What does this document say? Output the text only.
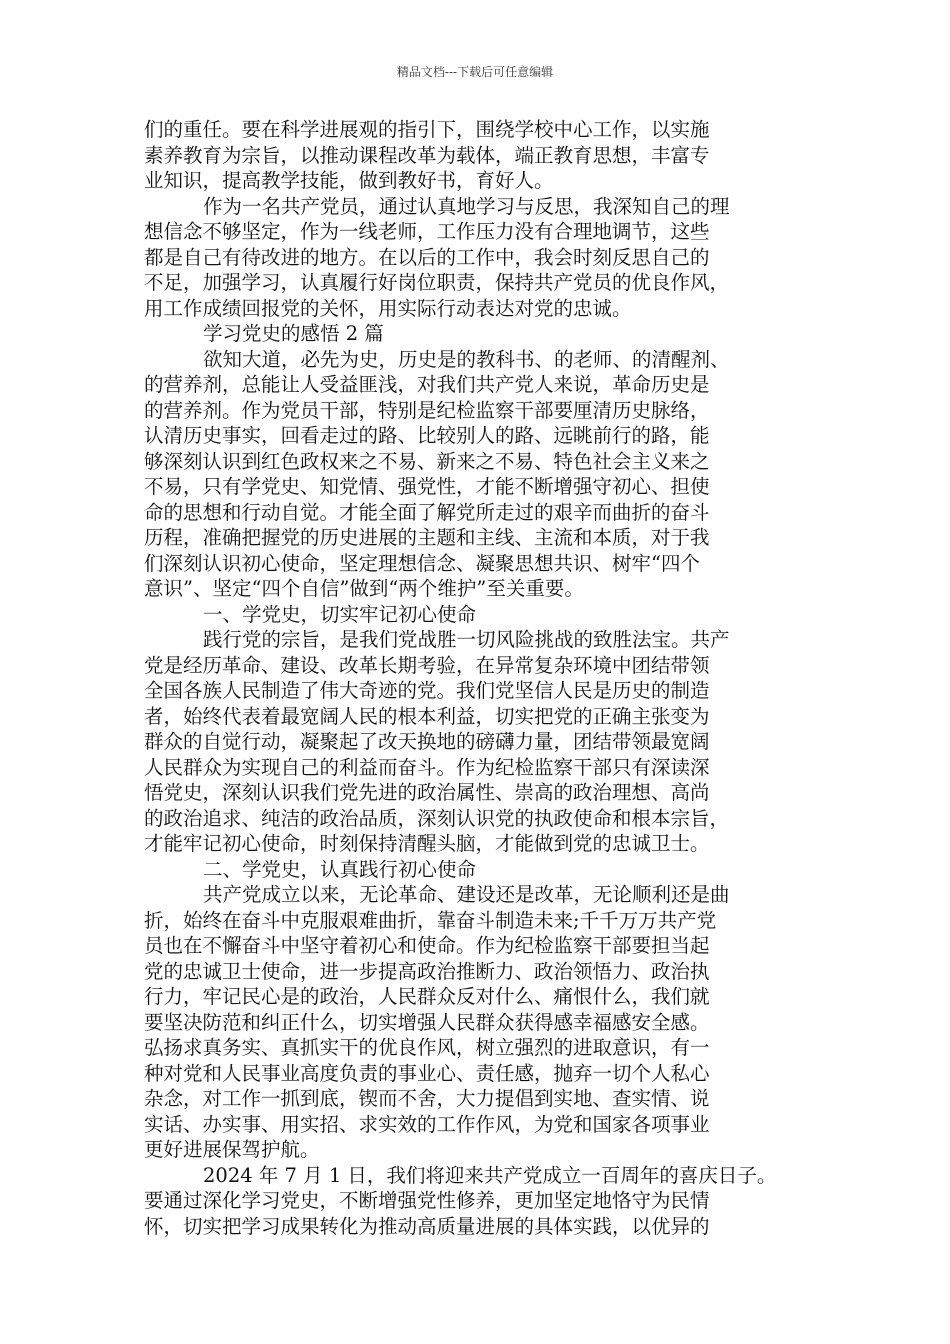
精品文档---下载后可任意编辑
们的重任。要在科学进展观的指引下，围绕学校中心工作，以实施
素养教育为宗旨，以推动课程改革为载体，端正教育思想，丰富专
业知识，提高教学技能，做到教好书，育好人。
作为一名共产党员，通过认真地学习与反思，我深知自己的理
想信念不够坚定，作为一线老师，工作压力没有合理地调节，这些
都是自己有待改进的地方。在以后的工作中，我会时刻反思自己的
不足，加强学习，认真履行好岗位职责，保持共产党员的优良作风，
用工作成绩回报党的关怀，用实际行动表达对党的忠诚。
学习党史的感悟 2 篇
欲知大道，必先为史，历史是的教科书、的老师、的清醒剂、
的营养剂，总能让人受益匪浅，对我们共产党人来说，革命历史是
的营养剂。作为党员干部，特别是纪检监察干部要厘清历史脉络，
认清历史事实，回看走过的路、比较别人的路、远眺前行的路，能
够深刻认识到红色政权来之不易、新来之不易、特色社会主义来之
不易，只有学党史、知党情、强党性，才能不断增强守初心、担使
命的思想和行动自觉。才能全面了解党所走过的艰辛而曲折的奋斗
历程，准确把握党的历史进展的主题和主线、主流和本质，对于我
们深刻认识初心使命，坚定理想信念、凝聚思想共识、树牢“四个
意识”、坚定“四个自信”做到“两个维护”至关重要。
一、学党史，切实牢记初心使命
践行党的宗旨，是我们党战胜一切风险挑战的致胜法宝。共产
党是经历革命、建设、改革长期考验，在异常复杂环境中团结带领
全国各族人民制造了伟大奇迹的党。我们党坚信人民是历史的制造
者，始终代表着最宽阔人民的根本利益，切实把党的正确主张变为
群众的自觉行动，凝聚起了改天换地的磅礴力量，团结带领最宽阔
人民群众为实现自己的利益而奋斗。作为纪检监察干部只有深读深
悟党史，深刻认识我们党先进的政治属性、崇高的政治理想、高尚
的政治追求、纯洁的政治品质，深刻认识党的执政使命和根本宗旨，
才能牢记初心使命，时刻保持清醒头脑，才能做到党的忠诚卫士。
二、学党史，认真践行初心使命
共产党成立以来，无论革命、建设还是改革，无论顺利还是曲
折，始终在奋斗中克服艰难曲折，靠奋斗制造未来;千千万万共产党
员也在不懈奋斗中坚守着初心和使命。作为纪检监察干部要担当起
党的忠诚卫士使命，进一步提高政治推断力、政治领悟力、政治执
行力，牢记民心是的政治，人民群众反对什么、痛恨什么，我们就
要坚决防范和纠正什么，切实增强人民群众获得感幸福感安全感。
弘扬求真务实、真抓实干的优良作风，树立强烈的进取意识，有一
种对党和人民事业高度负责的事业心、责任感，抛弃一切个人私心
杂念，对工作一抓到底，锲而不舍，大力提倡到实地、查实情、说
实话、办实事、用实招、求实效的工作作风，为党和国家各项事业
更好进展保驾护航。
2024 年 7 月 1 日，我们将迎来共产党成立一百周年的喜庆日子。
要通过深化学习党史，不断增强党性修养，更加坚定地恪守为民情
怀，切实把学习成果转化为推动高质量进展的具体实践，以优异的
